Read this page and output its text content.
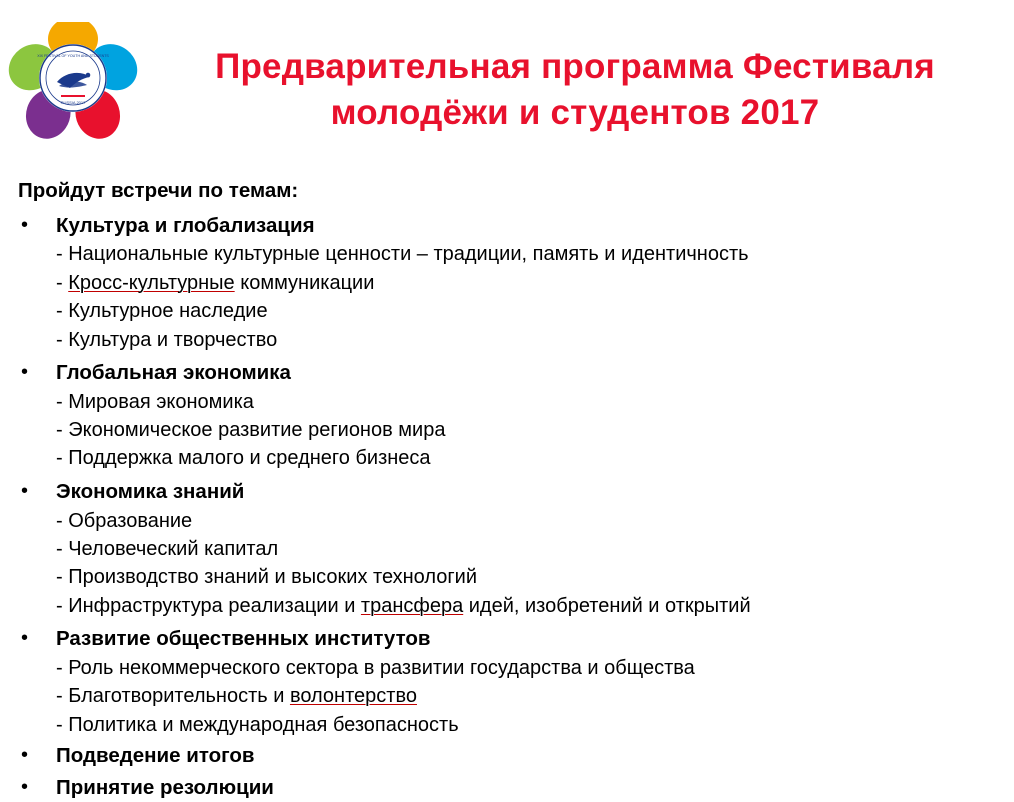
XIX FESTIVAL OF YOUTH AND STUDENTS
RUSSIA 2017
Предварительная программа Фестиваля молодёжи и студентов 2017

Пройдут встречи по темам:

•	Культура и глобализация
- Национальные культурные ценности – традиции, память и идентичность
- Кросс-культурные коммуникации
- Культурное наследие
- Культура и творчество
•	Глобальная экономика
- Мировая экономика
- Экономическое развитие регионов мира
- Поддержка малого и среднего бизнеса
•	Экономика знаний
- Образование
- Человеческий капитал
- Производство знаний и высоких технологий
- Инфраструктура реализации и трансфера идей, изобретений и открытий
•	Развитие общественных институтов
- Роль некоммерческого сектора в развитии государства и общества
- Благотворительность и волонтерство
- Политика и международная безопасность
•	Подведение итогов
•	Принятие резолюции
